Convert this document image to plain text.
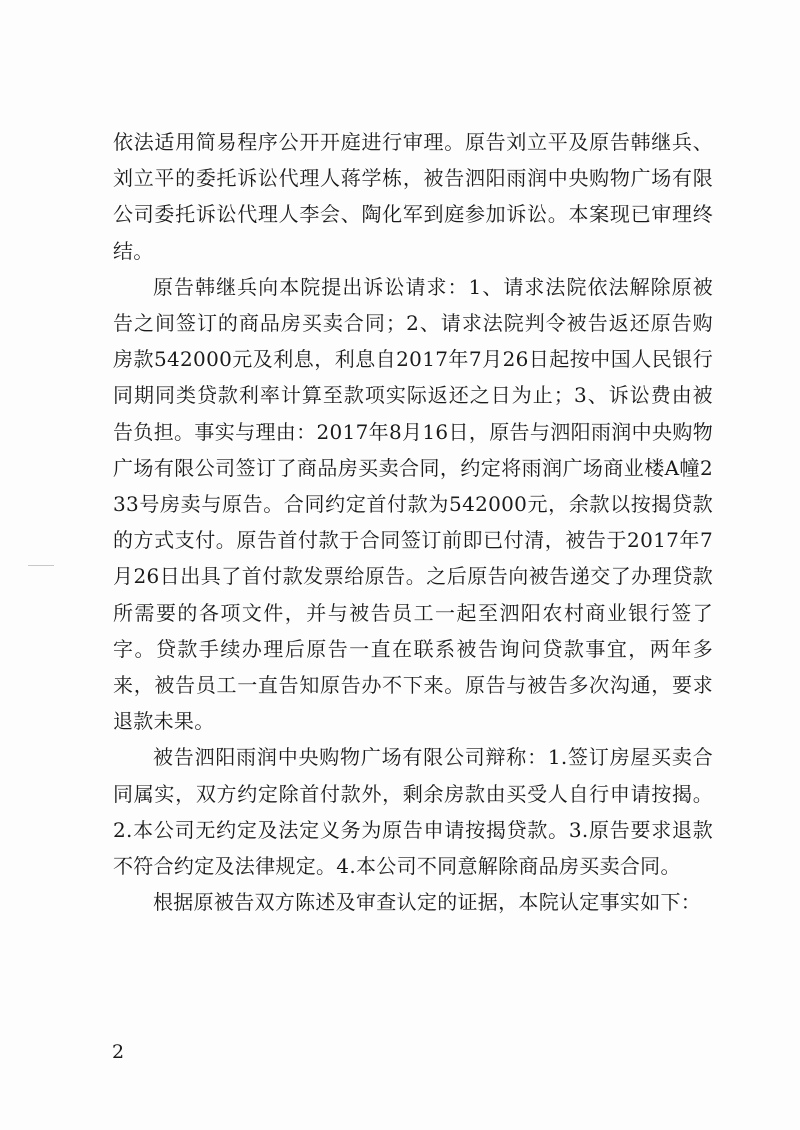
依法适用简易程序公开开庭进行审理。原告刘立平及原告韩继兵、刘立平的委托诉讼代理人蒋学栋，被告泗阳雨润中央购物广场有限公司委托诉讼代理人李会、陶化军到庭参加诉讼。本案现已审理终结。

原告韩继兵向本院提出诉讼请求：1、请求法院依法解除原被告之间签订的商品房买卖合同；2、请求法院判令被告返还原告购房款542000元及利息，利息自2017年7月26日起按中国人民银行同期同类贷款利率计算至款项实际返还之日为止；3、诉讼费由被告负担。事实与理由：2017年8月16日，原告与泗阳雨润中央购物广场有限公司签订了商品房买卖合同，约定将雨润广场商业楼A幢233号房卖与原告。合同约定首付款为542000元，余款以按揭贷款的方式支付。原告首付款于合同签订前即已付清，被告于2017年7月26日出具了首付款发票给原告。之后原告向被告递交了办理贷款所需要的各项文件，并与被告员工一起至泗阳农村商业银行签了字。贷款手续办理后原告一直在联系被告询问贷款事宜，两年多来，被告员工一直告知原告办不下来。原告与被告多次沟通，要求退款未果。

被告泗阳雨润中央购物广场有限公司辩称：1.签订房屋买卖合同属实，双方约定除首付款外，剩余房款由买受人自行申请按揭。2.本公司无约定及法定义务为原告申请按揭贷款。3.原告要求退款不符合约定及法律规定。4.本公司不同意解除商品房买卖合同。

根据原被告双方陈述及审查认定的证据，本院认定事实如下：

2
